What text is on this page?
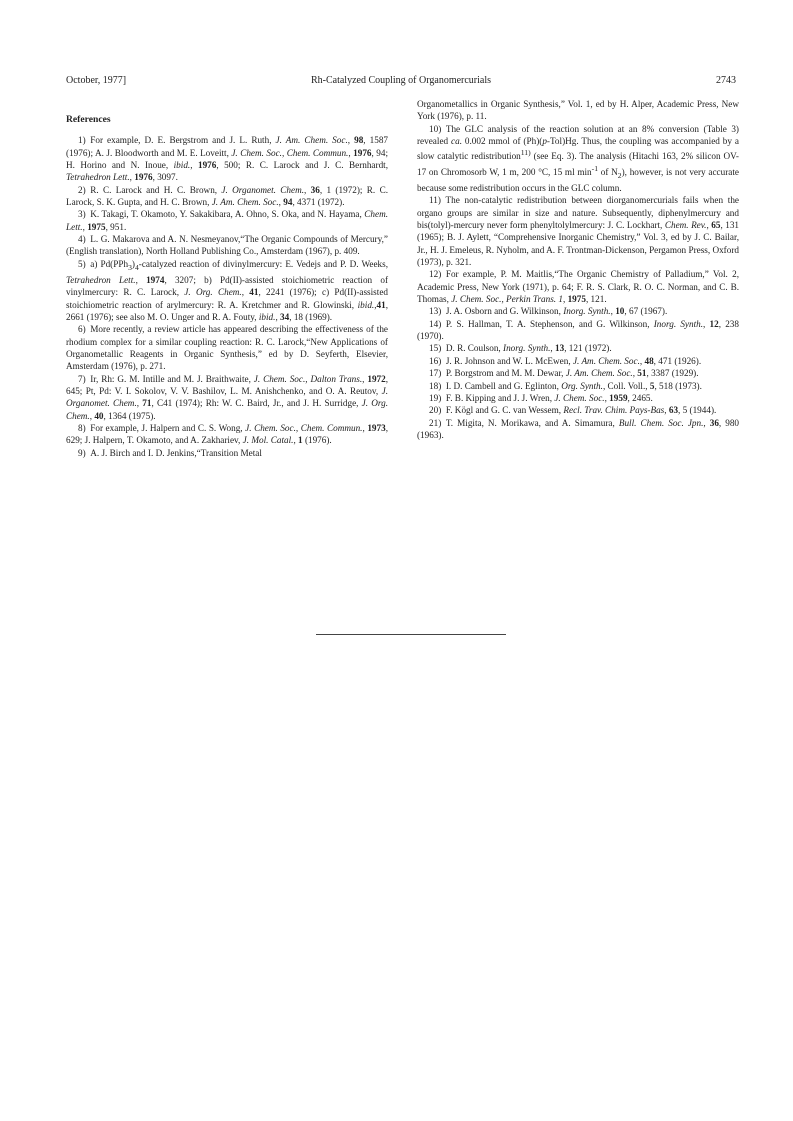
October, 1977]	Rh-Catalyzed Coupling of Organomercurials	2743
References

1)  For example, D. E. Bergstrom and J. L. Ruth, J. Am. Chem. Soc., 98, 1587 (1976); A. J. Bloodworth and M. E. Loveitt, J. Chem. Soc., Chem. Commun., 1976, 94; H. Horino and N. Inoue, ibid., 1976, 500; R. C. Larock and J. C. Bernhardt, Tetrahedron Lett., 1976, 3097.

2)  R. C. Larock and H. C. Brown, J. Organomet. Chem., 36, 1 (1972); R. C. Larock, S. K. Gupta, and H. C. Brown, J. Am. Chem. Soc., 94, 4371 (1972).

3)  K. Takagi, T. Okamoto, Y. Sakakibara, A. Ohno, S. Oka, and N. Hayama, Chem. Lett., 1975, 951.

4)  L. G. Makarova and A. N. Nesmeyanov,“The Organic Compounds of Mercury,” (English translation), North Holland Publishing Co., Amsterdam (1967), p. 409.

5)  a) $Pd(PPh_3)_4$-catalyzed reaction of divinylmercury: E. Vedejs and P. D. Weeks, Tetrahedron Lett., 1974, 3207; b) Pd(II)-assisted stoichiometric reaction of vinylmercury: R. C. Larock, J. Org. Chem., 41, 2241 (1976); c) Pd(II)-assisted stoichiometric reaction of arylmercury: R. A. Kretchmer and R. Glowinski, ibid.,41, 2661 (1976); see also M. O. Unger and R. A. Fouty, ibid., 34, 18 (1969).

6)  More recently, a review article has appeared describing the effectiveness of the rhodium complex for a similar coupling reaction: R. C. Larock,“New Applications of Organometallic Reagents in Organic Synthesis,” ed by D. Seyferth, Elsevier, Amsterdam (1976), p. 271.

7)  Ir, Rh: G. M. Intille and M. J. Braithwaite, J. Chem. Soc., Dalton Trans., 1972, 645; Pt, Pd: V. I. Sokolov, V. V. Bashilov, L. M. Anishchenko, and O. A. Reutov, J. Organomet. Chem., 71, C41 (1974); Rh: W. C. Baird, Jr., and J. H. Surridge, J. Org. Chem., 40, 1364 (1975).

8)  For example, J. Halpern and C. S. Wong, J. Chem. Soc., Chem. Commun., 1973, 629; J. Halpern, T. Okamoto, and A. Zakhariev, J. Mol. Catal., 1 (1976).

9)  A. J. Birch and I. D. Jenkins,“Transition Metal

Organometallics in Organic Synthesis,” Vol. 1, ed by H. Alper, Academic Press, New York (1976), p. 11.

10)  The GLC analysis of the reaction solution at an 8% conversion (Table 3) revealed ca. 0.002 mmol of (Ph)(p-Tol)Hg. Thus, the coupling was accompanied by a slow catalytic redistribution$^{11)}$ (see Eq. 3). The analysis (Hitachi 163, 2% silicon OV-17 on Chromosorb W, 1 m, 200 °C, 15 ml $\min^{-1}$ of $N_2$), however, is not very accurate because some redistribution occurs in the GLC column.

11)  The non-catalytic redistribution between diorganomercurials fails when the organo groups are similar in size and nature. Subsequently, diphenylmercury and bis(tolyl)-mercury never form phenyltolylmercury: J. C. Lockhart, Chem. Rev., 65, 131 (1965); B. J. Aylett, “Comprehensive Inorganic Chemistry,” Vol. 3, ed by J. C. Bailar, Jr., H. J. Emeleus, R. Nyholm, and A. F. Trontman-Dickenson, Pergamon Press, Oxford (1973), p. 321.

12)  For example, P. M. Maitlis,“The Organic Chemistry of Palladium,” Vol. 2, Academic Press, New York (1971), p. 64; F. R. S. Clark, R. O. C. Norman, and C. B. Thomas, J. Chem. Soc., Perkin Trans. 1, 1975, 121.

13)  J. A. Osborn and G. Wilkinson, Inorg. Synth., 10, 67 (1967).

14)  P. S. Hallman, T. A. Stephenson, and G. Wilkinson, Inorg. Synth., 12, 238 (1970).

15)  D. R. Coulson, Inorg. Synth., 13, 121 (1972).

16)  J. R. Johnson and W. L. McEwen, J. Am. Chem. Soc., 48, 471 (1926).

17)  P. Borgstrom and M. M. Dewar, J. Am. Chem. Soc., 51, 3387 (1929).

18)  I. D. Cambell and G. Eglinton, Org. Synth., Coll. Voll., 5, 518 (1973).

19)  F. B. Kipping and J. J. Wren, J. Chem. Soc., 1959, 2465.

20)  F. Kögl and G. C. van Wessem, Recl. Trav. Chim. Pays-Bas, 63, 5 (1944).

21)  T. Migita, N. Morikawa, and A. Simamura, Bull. Chem. Soc. Jpn., 36, 980 (1963).
